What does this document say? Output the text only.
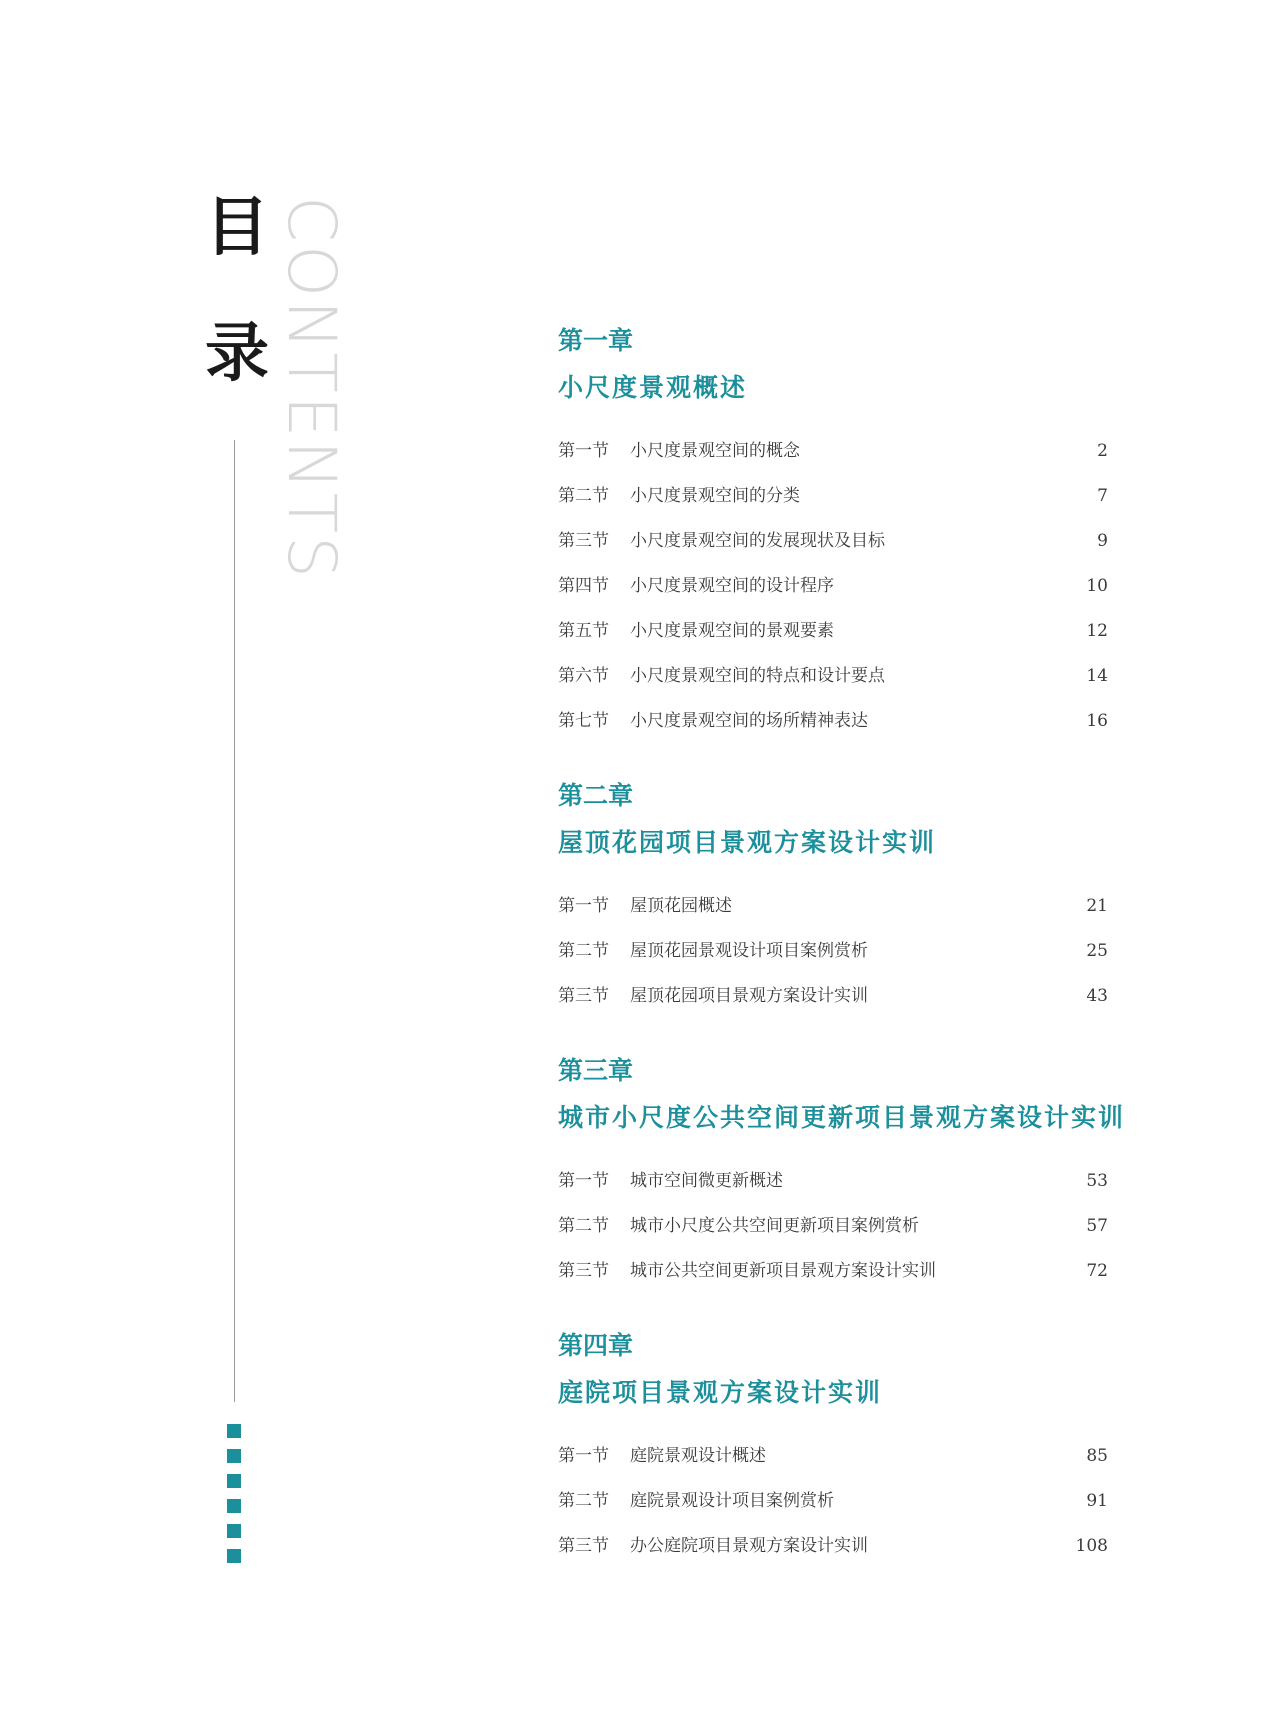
目
录 CONTENTS	第一章
小尺度景观概述
第一节 小尺度景观空间的概念	2
第二节 小尺度景观空间的分类	7
第三节 小尺度景观空间的发展现状及目标	9
第四节 小尺度景观空间的设计程序	10
第五节 小尺度景观空间的景观要素	12
第六节 小尺度景观空间的特点和设计要点	14
第七节 小尺度景观空间的场所精神表达	16
第二章
屋顶花园项目景观方案设计实训
第一节 屋顶花园概述	21
第二节 屋顶花园景观设计项目案例赏析	25
第三节 屋顶花园项目景观方案设计实训	43
第三章
城市小尺度公共空间更新项目景观方案设计实训
第一节 城市空间微更新概述	53
第二节 城市小尺度公共空间更新项目案例赏析	57
第三节 城市公共空间更新项目景观方案设计实训	72
第四章
庭院项目景观方案设计实训
第一节 庭院景观设计概述	85
第二节 庭院景观设计项目案例赏析	91
第三节 办公庭院项目景观方案设计实训	108
